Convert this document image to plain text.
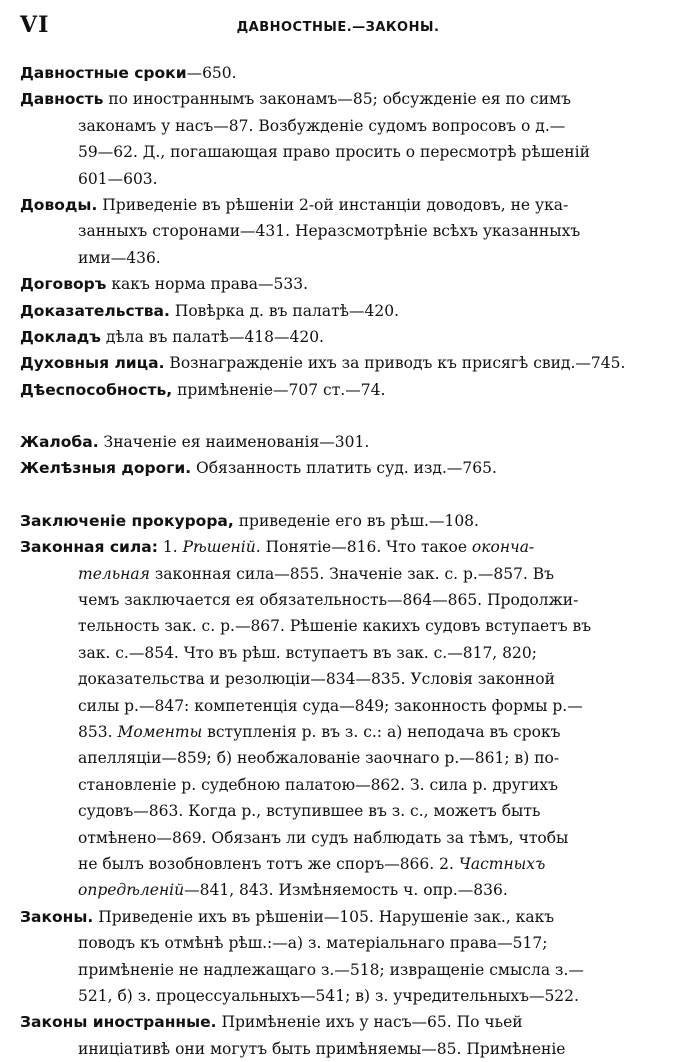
VI	ДАВНОСТНЫЕ.—ЗАКОНЫ.
Давностные сроки—650.
Давность по иностраннымъ законамъ—85; обсужденіе ея по симъ
законамъ у насъ—87. Возбужденіе судомъ вопросовъ о д.—
59—62. Д., погашающая право просить о пересмотрѣ рѣшеній
601—603.
Доводы. Приведеніе въ рѣшеніи 2-ой инстанціи доводовъ, не ука-
занныхъ сторонами—431. Неразсмотрѣніе всѣхъ указанныхъ
ими—436.
Договоръ какъ норма права—533.
Доказательства. Повѣрка д. въ палатѣ—420.
Докладъ дѣла въ палатѣ—418—420.
Духовныя лица. Вознагражденіе ихъ за приводъ къ присягѣ свид.—745.
Дѣеспособность, примѣненіе—707 ст.—74.
Жалоба. Значеніе ея наименованія—301.
Желѣзныя дороги. Обязанность платить суд. изд.—765.
Заключеніе прокурора, приведеніе его въ рѣш.—108.
Законная сила: 1. Рѣшеній. Понятіе—816. Что такое оконча-
тельная законная сила—855. Значеніе зак. с. р.—857. Въ
чемъ заключается ея обязательность—864—865. Продолжи-
тельность зак. с. р.—867. Рѣшеніе какихъ судовъ вступаетъ въ
зак. с.—854. Что въ рѣш. вступаетъ въ зак. с.—817, 820;
доказательства и резолюціи—834—835. Условія законной
силы р.—847: компетенція суда—849; законность формы р.—
853. Моменты вступленія р. въ з. с.: а) неподача въ срокъ
апелляціи—859; б) необжалованіе заочнаго р.—861; в) по-
становленіе р. судебною палатою—862. З. сила р. другихъ
судовъ—863. Когда р., вступившее въ з. с., можетъ быть
отмѣнено—869. Обязанъ ли судъ наблюдать за тѣмъ, чтобы
не былъ возобновленъ тотъ же споръ—866. 2. Частныхъ
опредѣленій—841, 843. Измѣняемость ч. опр.—836.
Законы. Приведеніе ихъ въ рѣшеніи—105. Нарушеніе зак., какъ
поводъ къ отмѣнѣ рѣш.:—а) з. матеріальнаго права—517;
примѣненіе не надлежащаго з.—518; извращеніе смысла з.—
521, б) з. процессуальныхъ—541; в) з. учредительныхъ—522.
Законы иностранные. Примѣненіе ихъ у насъ—65. По чьей
иниціативѣ они могутъ быть примѣняемы—85. Примѣненіе
